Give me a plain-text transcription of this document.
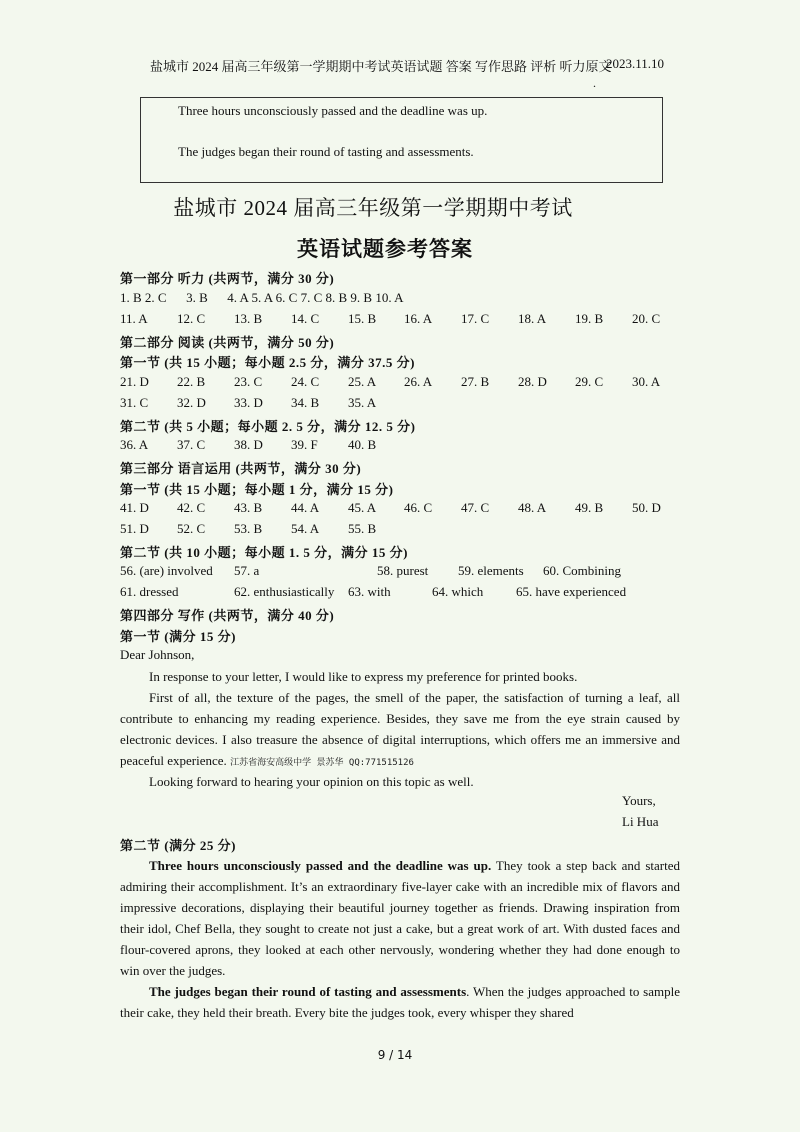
盐城市 2024 届高三年级第一学期期中考试英语试题 答案 写作思路 评析 听力原文
2023.11.10
.
Three hours unconsciously passed and the deadline was up.
The judges began their round of tasting and assessments.
盐城市 2024 届高三年级第一学期期中考试
英语试题参考答案
第一部分 听力 (共两节，满分 30 分)
1. B 2. C      3. B      4. A 5. A 6. C 7. C 8. B 9. B 10. A
11. A 12. C 13. B 14. C 15. B 16. A 17. C 18. A 19. B 20. C
第二部分 阅读 (共两节，满分 50 分)
第一节 (共 15 小题；每小题 2.5 分，满分 37.5 分)
21. D 22. B 23. C 24. C 25. A 26. A 27. B 28. D 29. C 30. A
31. C 32. D 33. D 34. B 35. A
第二节 (共 5 小题；每小题 2. 5 分，满分 12. 5 分)
36. A 37. C 38. D 39. F 40. B
第三部分 语言运用 (共两节，满分 30 分)
第一节 (共 15 小题；每小题 1 分，满分 15 分)
41. D 42. C 43. B 44. A 45. A 46. C 47. C 48. A 49. B 50. D
51. D 52. C 53. B 54. A 55. B
第二节 (共 10 小题；每小题 1. 5 分，满分 15 分)
56. (are) involved 57. a	58. purest 59. elements 60. Combining
61. dressed	62. enthusiastically 63. with	64. which	65. have experienced
第四部分 写作 (共两节，满分 40 分)
第一节 (满分 15 分)
Dear Johnson,
In response to your letter, I would like to express my preference for printed books.
First of all, the texture of the pages, the smell of the paper, the satisfaction of turning a leaf, all contribute to enhancing my reading experience. Besides, they save me from the eye strain caused by electronic devices. I also treasure the absence of digital interruptions, which offers me an immersive and peaceful experience. 江苏省海安高级中学 景苏华 QQ:771515126
Looking forward to hearing your opinion on this topic as well.
Yours,
Li Hua
第二节 (满分 25 分)
Three hours unconsciously passed and the deadline was up. They took a step back and started admiring their accomplishment. It’s an extraordinary five-layer cake with an incredible mix of flavors and impressive decorations, displaying their beautiful journey together as friends. Drawing inspiration from their idol, Chef Bella, they sought to create not just a cake, but a great work of art. With dusted faces and flour-covered aprons, they looked at each other nervously, wondering whether they had done enough to win over the judges.
The judges began their round of tasting and assessments. When the judges approached to sample their cake, they held their breath. Every bite the judges took, every whisper they shared
9 / 14
